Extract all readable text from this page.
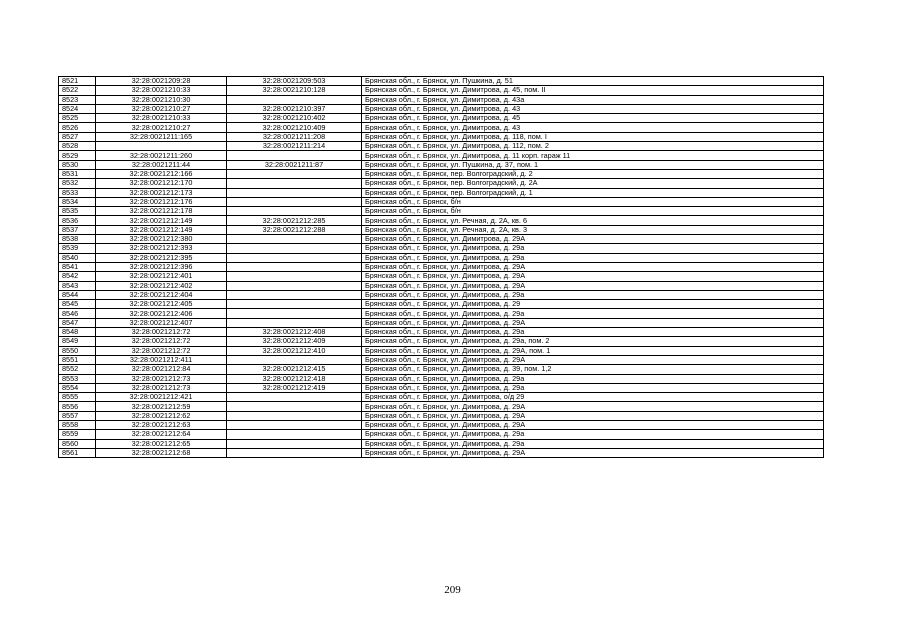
8521	32:28:0021209:28	32:28:0021209:503	Брянская обл., г. Брянск, ул. Пушкина, д. 51
8522	32:28:0021210:33	32:28:0021210:128	Брянская обл., г. Брянск, ул. Димитрова, д. 45, пом. II
8523	32:28:0021210:30		Брянская обл., г. Брянск, ул. Димитрова, д. 43а
8524	32:28:0021210:27	32:28:0021210:397	Брянская обл., г. Брянск, ул. Димитрова, д. 43
8525	32:28:0021210:33	32:28:0021210:402	Брянская обл., г. Брянск, ул. Димитрова, д. 45
8526	32:28:0021210:27	32:28:0021210:409	Брянская обл., г. Брянск, ул. Димитрова, д. 43
8527	32:28:0021211:165	32:28:0021211:208	Брянская обл., г. Брянск, ул. Димитрова, д. 118, пом. I
8528		32:28:0021211:214	Брянская обл., г. Брянск, ул. Димитрова, д. 112, пом. 2
8529	32:28:0021211:260		Брянская обл., г. Брянск, ул. Димитрова, д. 11 корп. гараж 11
8530	32:28:0021211:44	32:28:0021211:87	Брянская обл., г. Брянск, ул. Пушкина, д. 37, пом. 1
8531	32:28:0021212:166		Брянская обл., г. Брянск, пер. Волгоградский, д. 2
8532	32:28:0021212:170		Брянская обл., г. Брянск, пер. Волгоградский, д. 2А
8533	32:28:0021212:173		Брянская обл., г. Брянск, пер. Волгоградский, д. 1
8534	32:28:0021212:176		Брянская обл., г. Брянск, б/н
8535	32:28:0021212:178		Брянская обл., г. Брянск, б/н
8536	32:28:0021212:149	32:28:0021212:285	Брянская обл., г. Брянск, ул. Речная, д. 2А, кв. 6
8537	32:28:0021212:149	32:28:0021212:288	Брянская обл., г. Брянск, ул. Речная, д. 2А, кв. 3
8538	32:28:0021212:380		Брянская обл., г. Брянск, ул. Димитрова, д. 29А
8539	32:28:0021212:393		Брянская обл., г. Брянск, ул. Димитрова, д. 29а
8540	32:28:0021212:395		Брянская обл., г. Брянск, ул. Димитрова, д. 29а
8541	32:28:0021212:396		Брянская обл., г. Брянск, ул. Димитрова, д. 29А
8542	32:28:0021212:401		Брянская обл., г. Брянск, ул. Димитрова, д. 29А
8543	32:28:0021212:402		Брянская обл., г. Брянск, ул. Димитрова, д. 29А
8544	32:28:0021212:404		Брянская обл., г. Брянск, ул. Димитрова, д. 29а
8545	32:28:0021212:405		Брянская обл., г. Брянск, ул. Димитрова, д. 29
8546	32:28:0021212:406		Брянская обл., г. Брянск, ул. Димитрова, д. 29а
8547	32:28:0021212:407		Брянская обл., г. Брянск, ул. Димитрова, д. 29А
8548	32:28:0021212:72	32:28:0021212:408	Брянская обл., г. Брянск, ул. Димитрова, д. 29а
8549	32:28:0021212:72	32:28:0021212:409	Брянская обл., г. Брянск, ул. Димитрова, д. 29а, пом. 2
8550	32:28:0021212:72	32:28:0021212:410	Брянская обл., г. Брянск, ул. Димитрова, д. 29А, пом. 1
8551	32:28:0021212:411		Брянская обл., г. Брянск, ул. Димитрова, д. 29А
8552	32:28:0021212:84	32:28:0021212:415	Брянская обл., г. Брянск, ул. Димитрова, д. 39, пом. 1,2
8553	32:28:0021212:73	32:28:0021212:418	Брянская обл., г. Брянск, ул. Димитрова, д. 29а
8554	32:28:0021212:73	32:28:0021212:419	Брянская обл., г. Брянск, ул. Димитрова, д. 29а
8555	32:28:0021212:421		Брянская обл., г. Брянск, ул. Димитрова, о/д 29
8556	32:28:0021212:59		Брянская обл., г. Брянск, ул. Димитрова, д. 29А
8557	32:28:0021212:62		Брянская обл., г. Брянск, ул. Димитрова, д. 29А
8558	32:28:0021212:63		Брянская обл., г. Брянск, ул. Димитрова, д. 29А
8559	32:28:0021212:64		Брянская обл., г. Брянск, ул. Димитрова, д. 29а
8560	32:28:0021212:65		Брянская обл., г. Брянск, ул. Димитрова, д. 29а
8561	32:28:0021212:68		Брянская обл., г. Брянск, ул. Димитрова, д. 29А
209
